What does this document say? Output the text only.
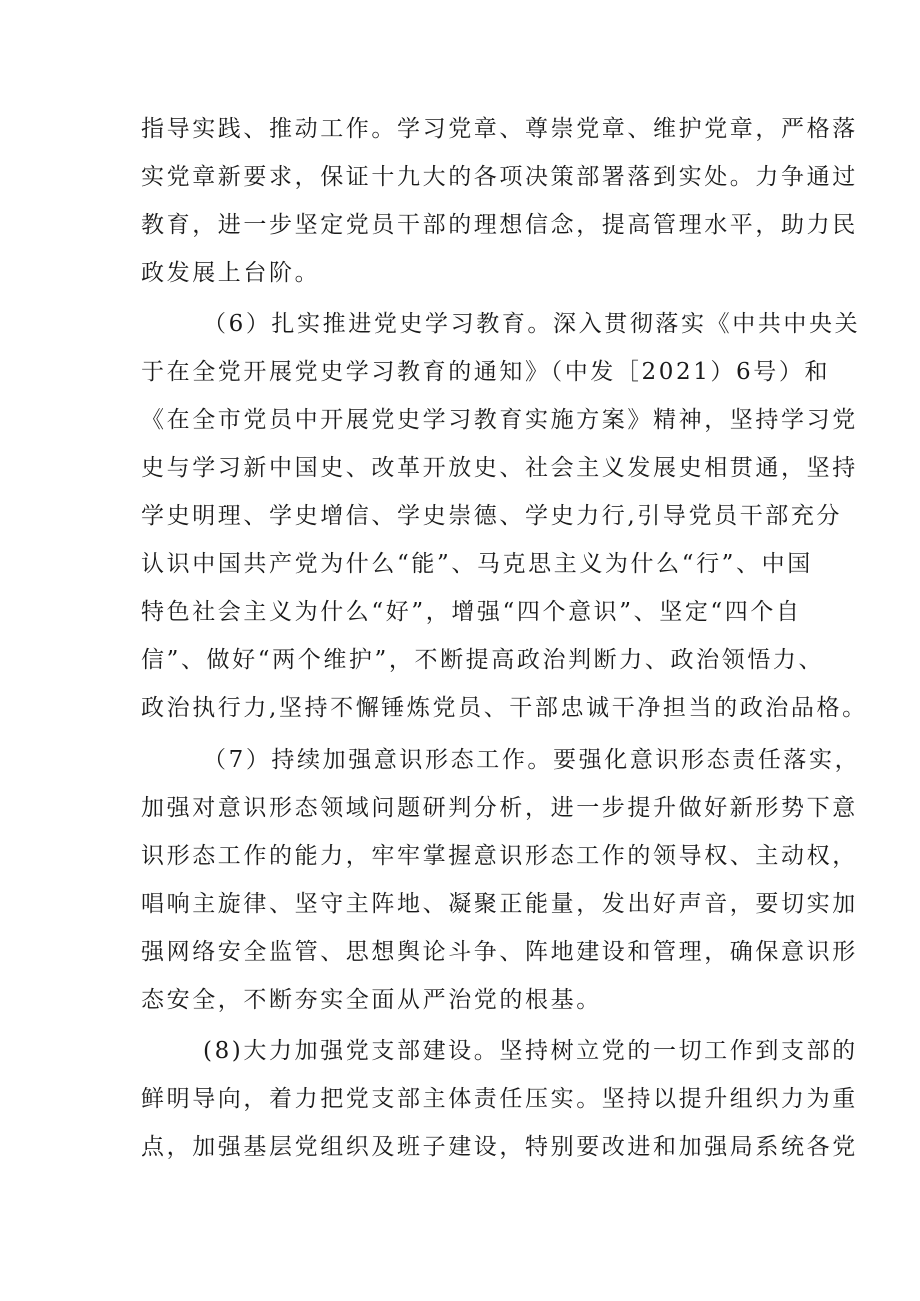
指导实践、推动工作。学习党章、尊崇党章、维护党章，严格落
实党章新要求，保证十九大的各项决策部署落到实处。力争通过
教育，进一步坚定党员干部的理想信念，提高管理水平，助力民
政发展上台阶。
（6）扎实推进党史学习教育。深入贯彻落实《中共中央关
于在全党开展党史学习教育的通知》（中发［2021）6号）和
《在全市党员中开展党史学习教育实施方案》精神，坚持学习党
史与学习新中国史、改革开放史、社会主义发展史相贯通，坚持
学史明理、学史增信、学史崇德、学史力行,引导党员干部充分
认识中国共产党为什么“能”、马克思主义为什么“行”、中国
特色社会主义为什么“好”，增强“四个意识”、坚定“四个自
信”、做好“两个维护”，不断提高政治判断力、政治领悟力、
政治执行力,坚持不懈锤炼党员、干部忠诚干净担当的政治品格。
（7）持续加强意识形态工作。要强化意识形态责任落实，
加强对意识形态领域问题研判分析，进一步提升做好新形势下意
识形态工作的能力，牢牢掌握意识形态工作的领导权、主动权，
唱响主旋律、坚守主阵地、凝聚正能量，发出好声音，要切实加
强网络安全监管、思想舆论斗争、阵地建设和管理，确保意识形
态安全，不断夯实全面从严治党的根基。
(8)大力加强党支部建设。坚持树立党的一切工作到支部的
鲜明导向，着力把党支部主体责任压实。坚持以提升组织力为重
点，加强基层党组织及班子建设，特别要改进和加强局系统各党
